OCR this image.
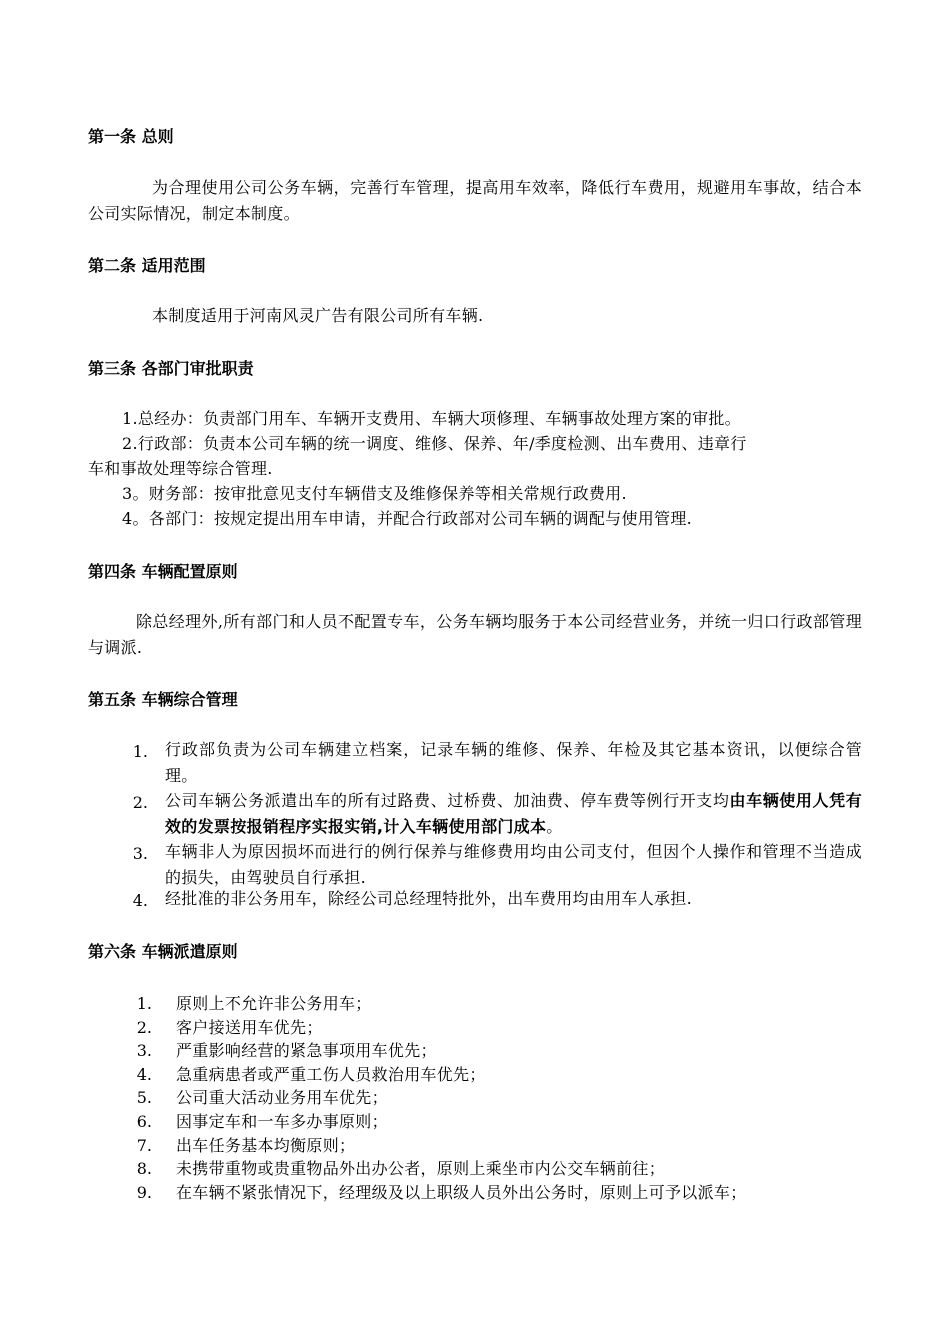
第一条 总则

为合理使用公司公务车辆，完善行车管理，提高用车效率，降低行车费用，规避用车事故，结合本公司实际情况，制定本制度。

第二条 适用范围
本制度适用于河南风灵广告有限公司所有车辆.
第三条 各部门审批职责
1.总经办：负责部门用车、车辆开支费用、车辆大项修理、车辆事故处理方案的审批。
2.行政部：负责本公司车辆的统一调度、维修、保养、年/季度检测、出车费用、违章行
车和事故处理等综合管理.
3。财务部：按审批意见支付车辆借支及维修保养等相关常规行政费用.
4。各部门：按规定提出用车申请，并配合行政部对公司车辆的调配与使用管理.
第四条 车辆配置原则

除总经理外,所有部门和人员不配置专车，公务车辆均服务于本公司经营业务，并统一归口行政部管理与调派.

第五条 车辆综合管理
1. 行政部负责为公司车辆建立档案，记录车辆的维修、保养、年检及其它基本资讯，以便综合管理。
2. 公司车辆公务派遣出车的所有过路费、过桥费、加油费、停车费等例行开支均由车辆使用人凭有效的发票按报销程序实报实销,计入车辆使用部门成本。
3. 车辆非人为原因损坏而进行的例行保养与维修费用均由公司支付，但因个人操作和管理不当造成的损失，由驾驶员自行承担.
4. 经批准的非公务用车，除经公司总经理特批外，出车费用均由用车人承担.
第六条 车辆派遣原则
1. 原则上不允许非公务用车；
2. 客户接送用车优先；
3. 严重影响经营的紧急事项用车优先；
4. 急重病患者或严重工伤人员救治用车优先；
5. 公司重大活动业务用车优先；
6. 因事定车和一车多办事原则；
7. 出车任务基本均衡原则；
8. 未携带重物或贵重物品外出办公者，原则上乘坐市内公交车辆前往；
9. 在车辆不紧张情况下，经理级及以上职级人员外出公务时，原则上可予以派车；
